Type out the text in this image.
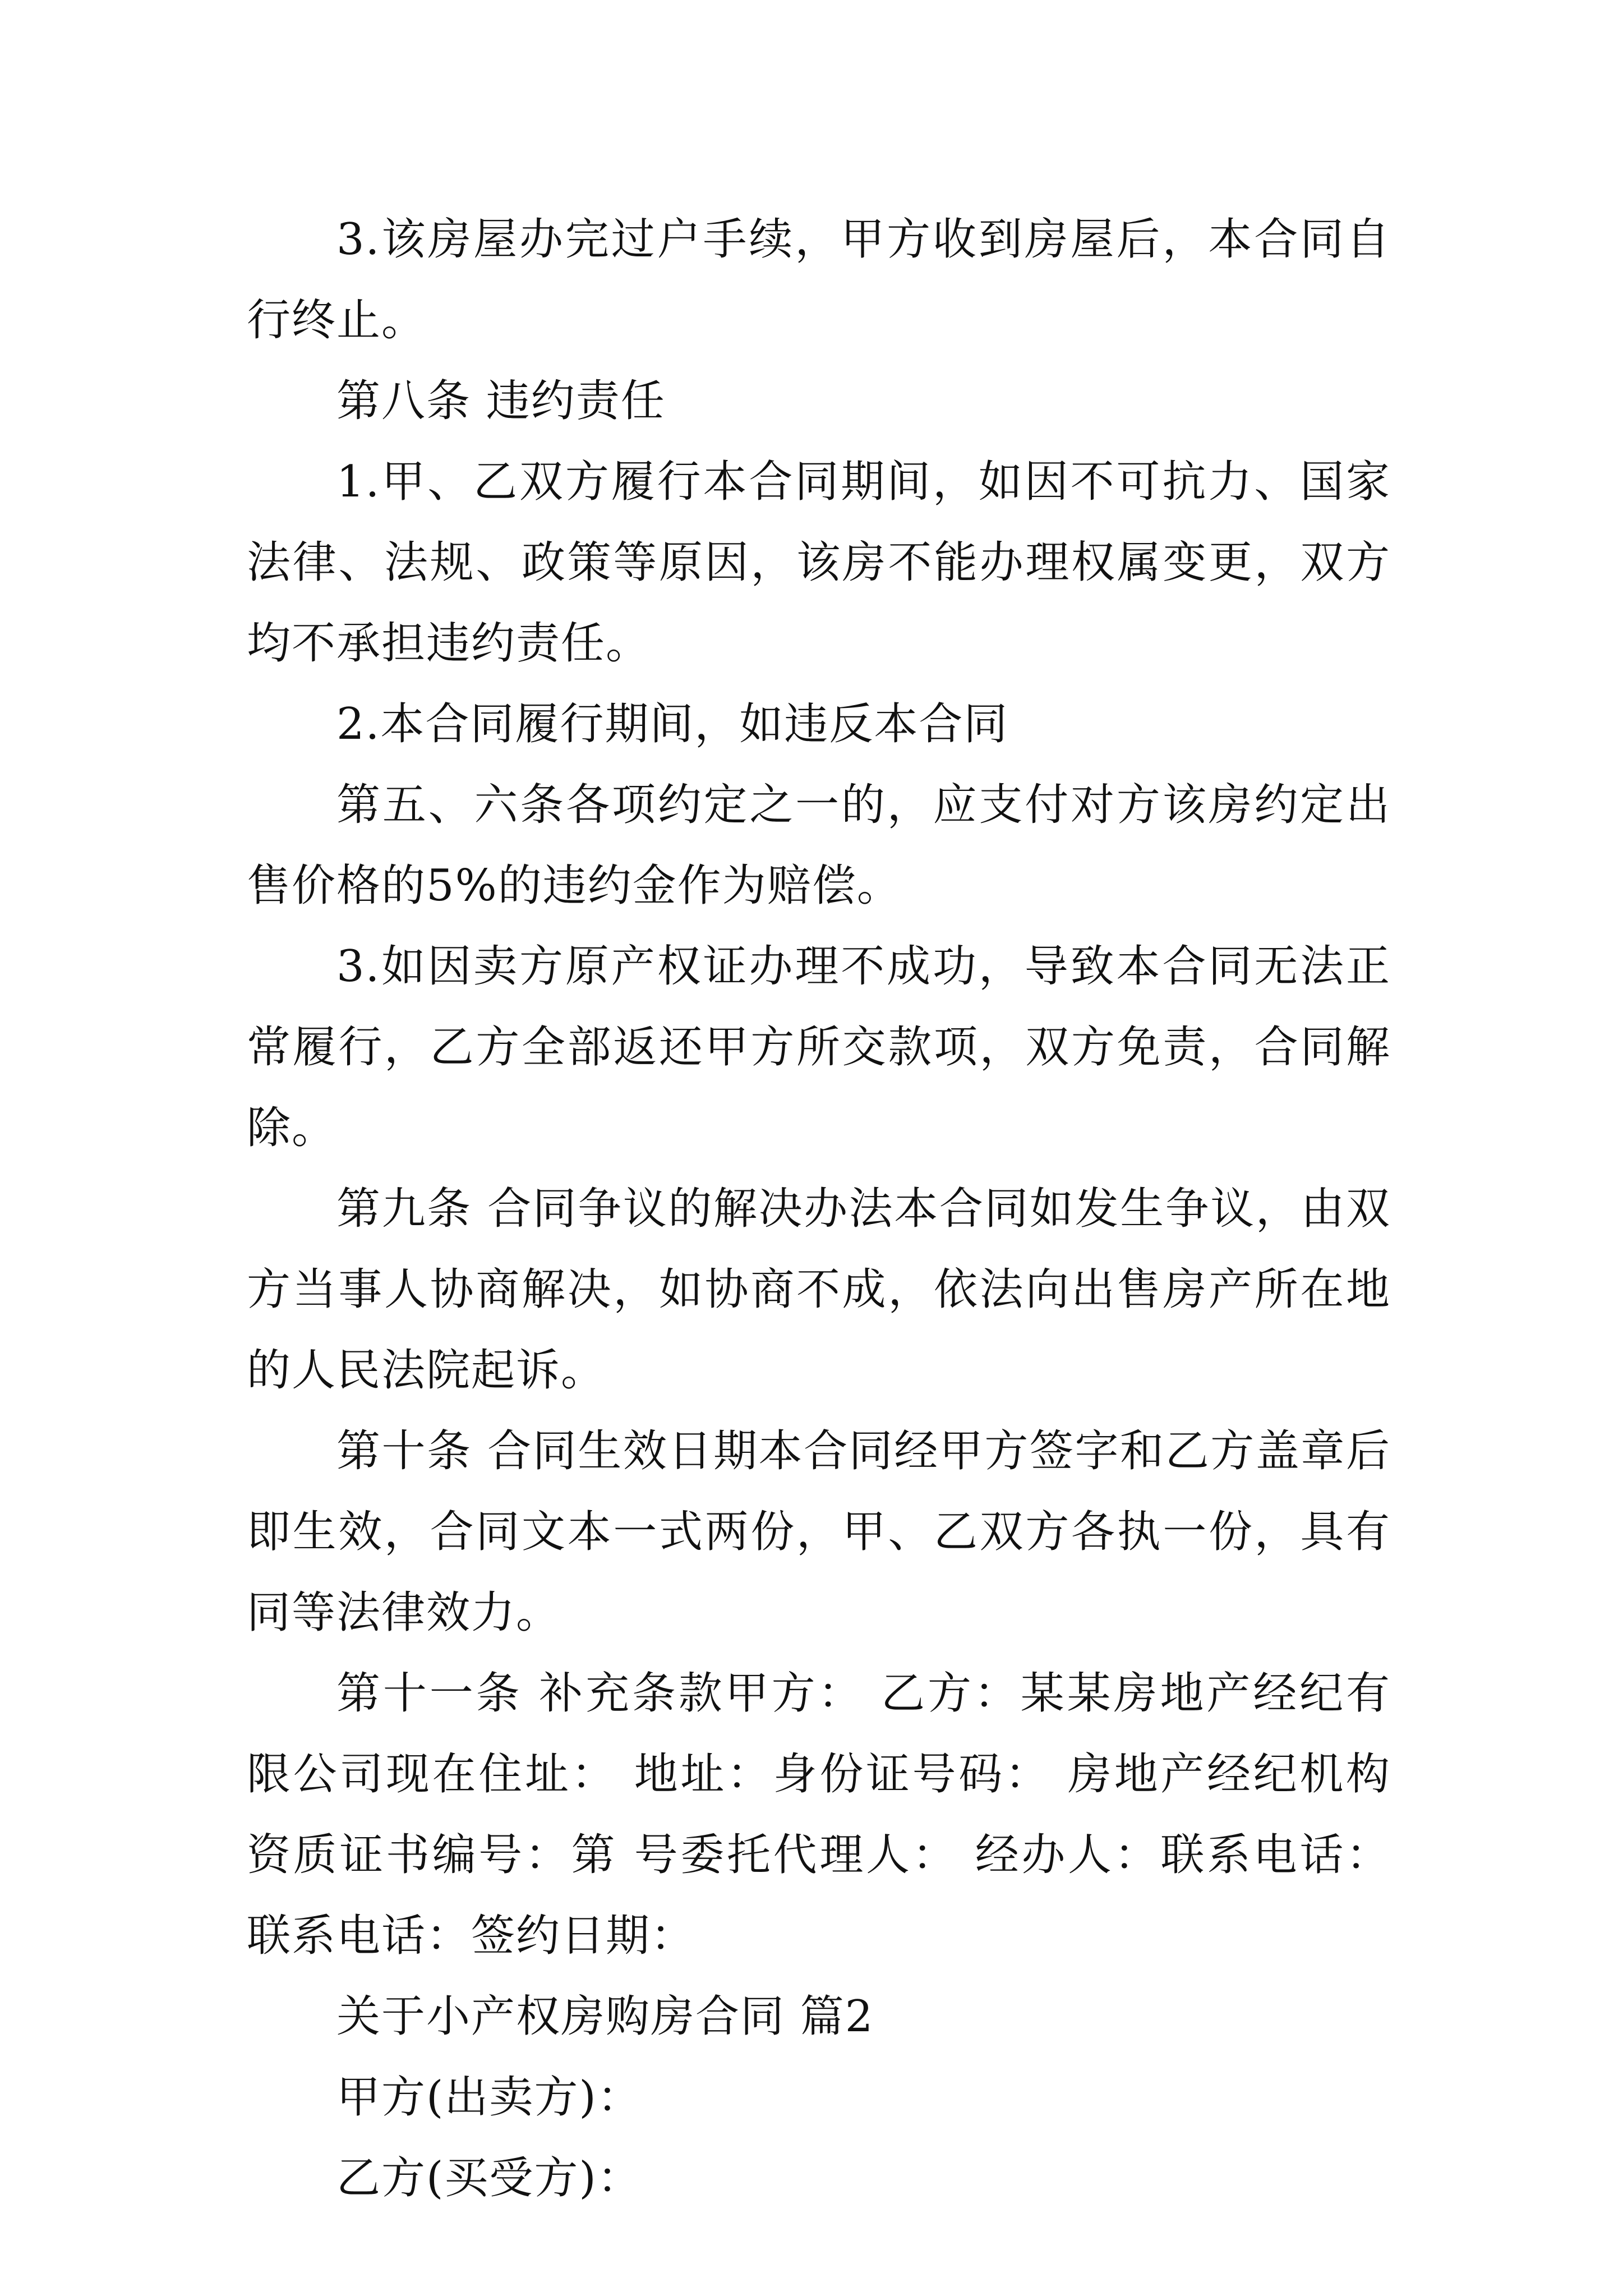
3.该房屋办完过户手续，甲方收到房屋后，本合同自行终止。

第八条 违约责任

1.甲、乙双方履行本合同期间，如因不可抗力、国家法律、法规、政策等原因，该房不能办理权属变更，双方均不承担违约责任。

2.本合同履行期间，如违反本合同

第五、六条各项约定之一的，应支付对方该房约定出售价格的5%的违约金作为赔偿。

3.如因卖方原产权证办理不成功，导致本合同无法正常履行，乙方全部返还甲方所交款项，双方免责，合同解除。

第九条 合同争议的解决办法本合同如发生争议，由双方当事人协商解决，如协商不成，依法向出售房产所在地的人民法院起诉。

第十条 合同生效日期本合同经甲方签字和乙方盖章后即生效，合同文本一式两份，甲、乙双方各执一份，具有同等法律效力。

第十一条 补充条款甲方： 乙方：某某房地产经纪有限公司现在住址： 地址：身份证号码： 房地产经纪机构资质证书编号：第 号委托代理人： 经办人：联系电话： 联系电话：签约日期：

关于小产权房购房合同 篇2

甲方(出卖方)：

乙方(买受方)：
